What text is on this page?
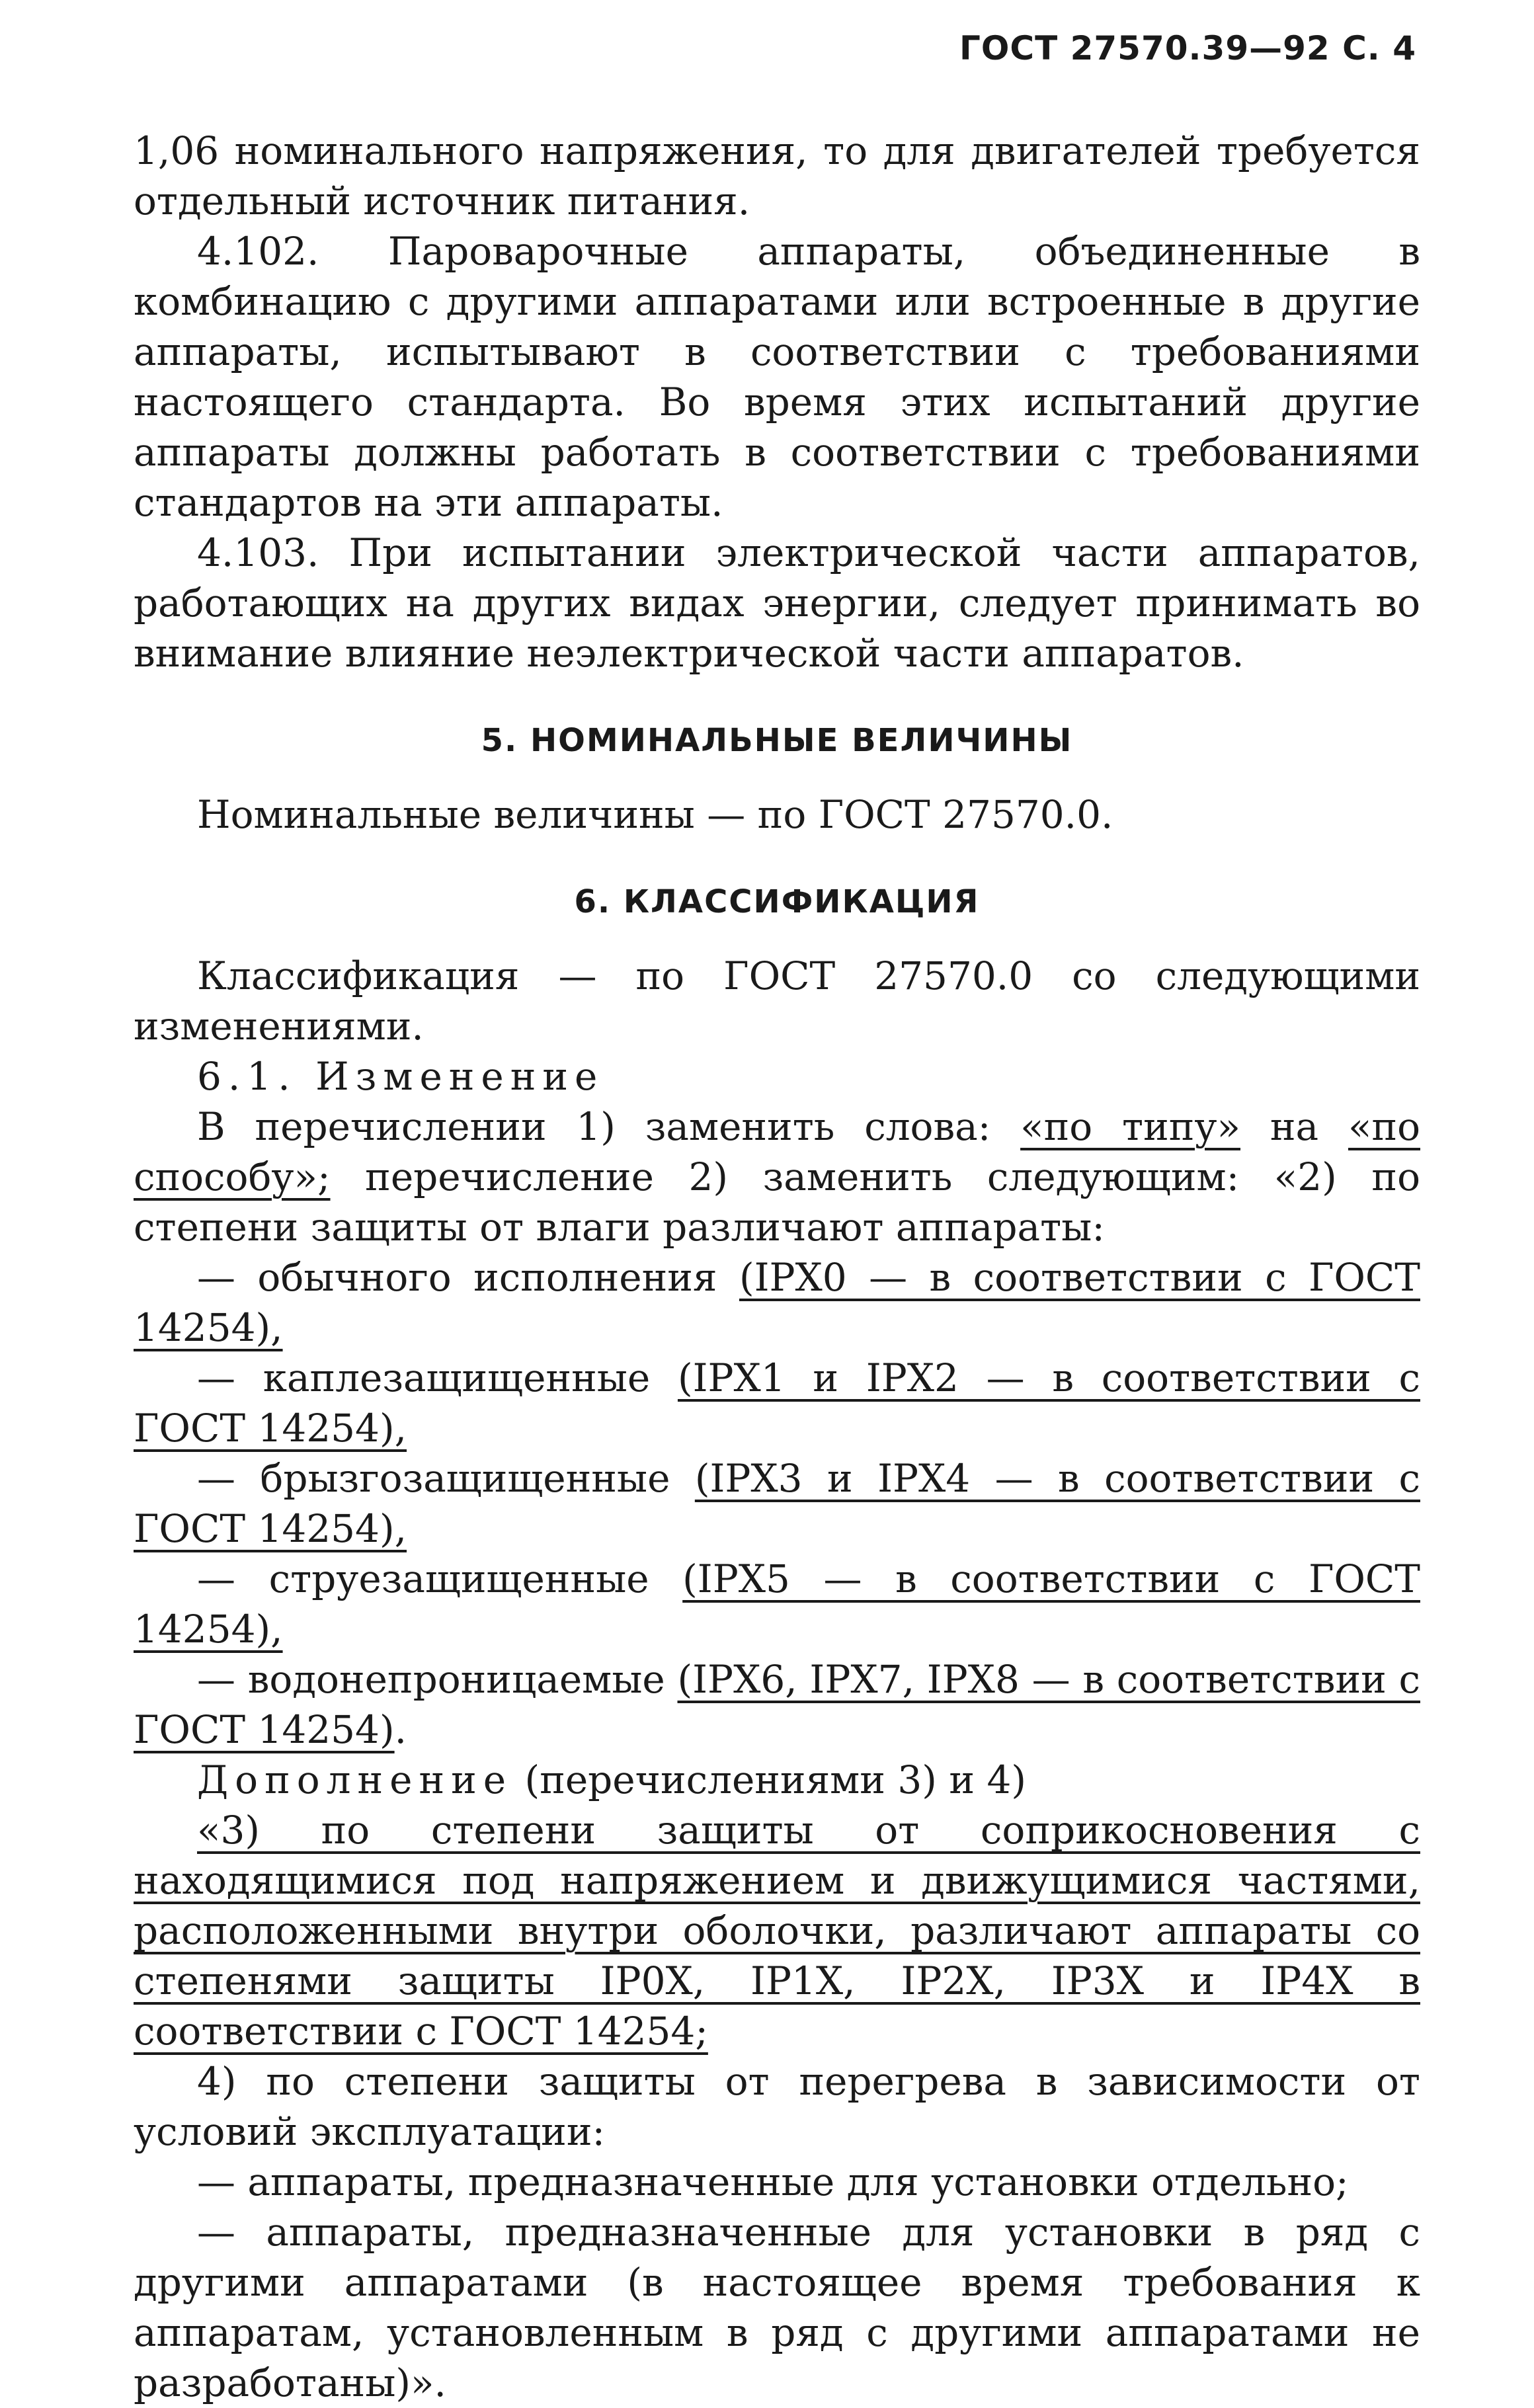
ГОСТ 27570.39—92 С. 4

1,06 номинального напряжения, то для двигателей требуется отдельный источник питания.

4.102. Пароварочные аппараты, объединенные в комбинацию с другими аппаратами или встроенные в другие аппараты, испытывают в соответствии с требованиями настоящего стандарта. Во время этих испытаний другие аппараты должны работать в соответствии с требованиями стандартов на эти аппараты.

4.103. При испытании электрической части аппаратов, работающих на других видах энергии, следует принимать во внимание влияние неэлектрической части аппаратов.

5. НОМИНАЛЬНЫЕ ВЕЛИЧИНЫ

Номинальные величины — по ГОСТ 27570.0.

6. КЛАССИФИКАЦИЯ

Классификация — по ГОСТ 27570.0 со следующими изменениями.

6.1. Изменение

В перечислении 1) заменить слова: «по типу» на «по способу»; перечисление 2) заменить следующим: «2) по степени защиты от влаги различают аппараты:

— обычного исполнения (IPX0 — в соответствии с ГОСТ 14254),

— каплезащищенные (IPX1 и IPX2 — в соответствии с ГОСТ 14254),

— брызгозащищенные (IPX3 и IPX4 — в соответствии с ГОСТ 14254),

— струезащищенные (IPX5 — в соответствии с ГОСТ 14254),

— водонепроницаемые (IPX6, IPX7, IPX8 — в соответствии с ГОСТ 14254).

Дополнение (перечислениями 3) и 4)

«3) по степени защиты от соприкосновения с находящимися под напряжением и движущимися частями, расположенными внутри оболочки, различают аппараты со степенями защиты IP0X, IP1X, IP2X, IP3X и IP4X в соответствии с ГОСТ 14254;

4) по степени защиты от перегрева в зависимости от условий эксплуатации:

— аппараты, предназначенные для установки отдельно;

— аппараты, предназначенные для установки в ряд с другими аппаратами (в настоящее время требования к аппаратам, установленным в ряд с другими аппаратами не разработаны)».
